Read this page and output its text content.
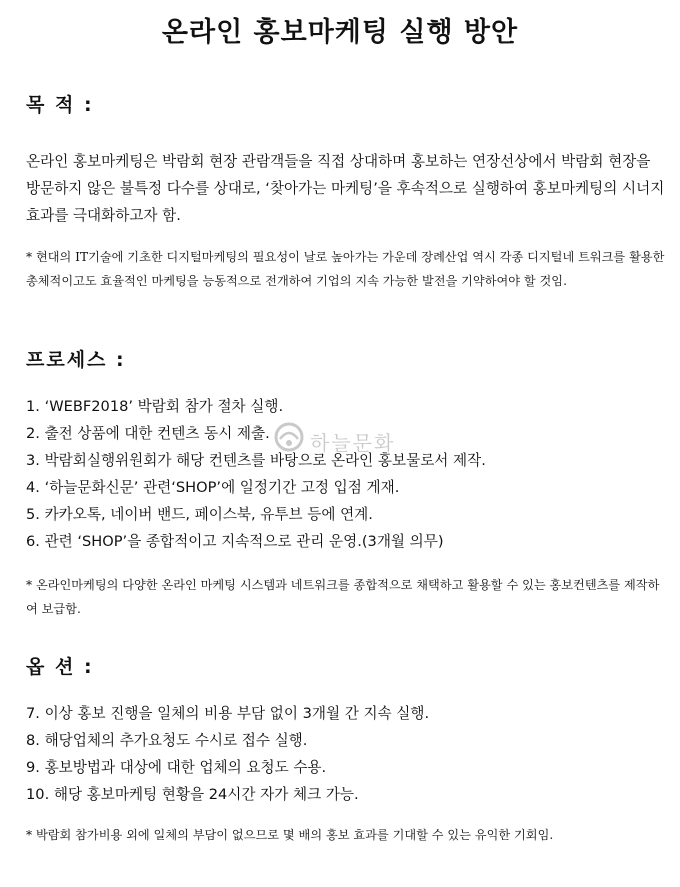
온라인 홍보마케팅 실행 방안
목 적 :

온라인 홍보마케팅은 박람회 현장 관람객들을 직접 상대하며 홍보하는 연장선상에서 박람회 현장을 방문하지 않은 불특정 다수를 상대로, ‘찾아가는 마케팅’을 후속적으로 실행하여 홍보마케팅의 시너지 효과를 극대화하고자 함.

* 현대의 IT기술에 기초한 디지털마케팅의 필요성이 날로 높아가는 가운데 장례산업 역시 각종 디지털네 트워크를 활용한 총체적이고도 효율적인 마케팅을 능동적으로 전개하여 기업의 지속 가능한 발전을 기약하여야 할 것임.

프로세스 :
1. ‘WEBF2018’ 박람회 참가 절차 실행.
2. 출전 상품에 대한 컨텐츠 동시 제출.
3. 박람회실행위원회가 해당 컨텐츠를 바탕으로 온라인 홍보물로서 제작.
4. ‘하늘문화신문’ 관련‘SHOP’에 일정기간 고정 입점 게재.
5. 카카오톡, 네이버 밴드, 페이스북, 유투브 등에 연계.
6. 관련 ‘SHOP’을 종합적이고 지속적으로 관리 운영.(3개월 의무)

* 온라인마케팅의 다양한 온라인 마케팅 시스템과 네트워크를 종합적으로 채택하고 활용할 수 있는 홍보컨텐츠를 제작하여 보급함.

옵 션 :
7. 이상 홍보 진행을 일체의 비용 부담 없이 3개월 간 지속 실행.
8. 해당업체의 추가요청도 수시로 접수 실행.
9. 홍보방법과 대상에 대한 업체의 요청도 수용.
10. 해당 홍보마케팅 현황을 24시간 자가 체크 가능.

* 박람회 참가비용 외에 일체의 부담이 없으므로 몇 배의 홍보 효과를 기대할 수 있는 유익한 기회임.

하늘문화
